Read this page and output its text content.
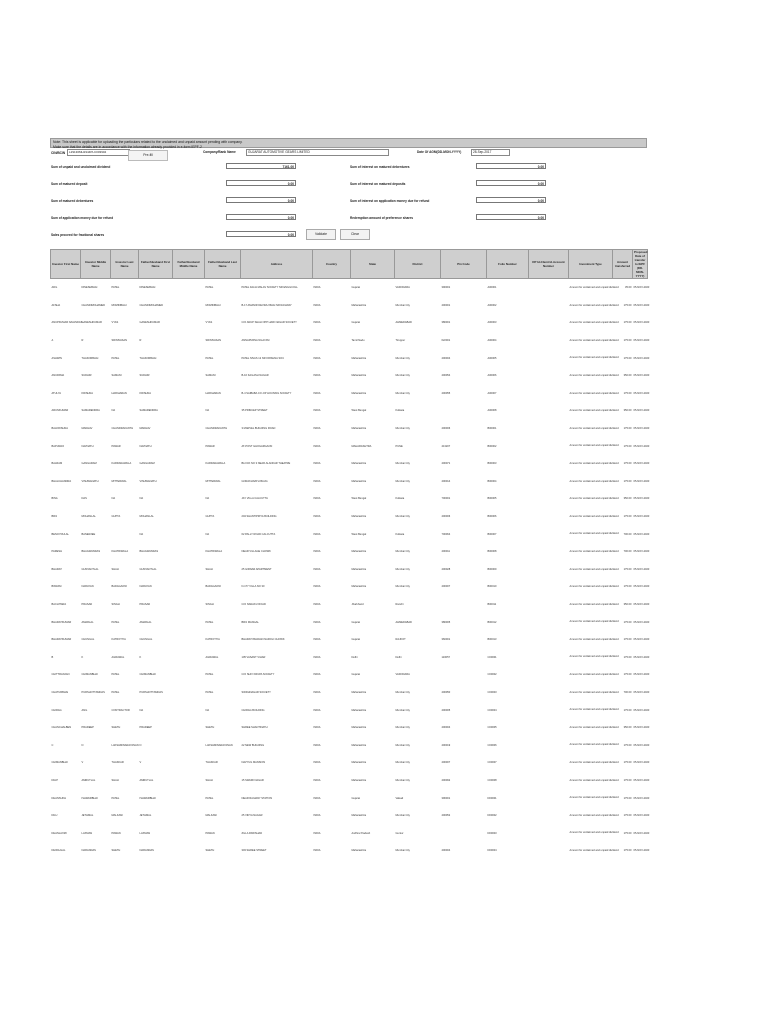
Note: This sheet is applicable for uploading the particulars related to the unclaimed and unpaid amount pending with company.
Make sure that the details are in accordance with the information already provided in e-form IEPF-2
CIN/BCIN	L29130MH1944PLC003904
Pre-fill
Company/Bank Name	GUJARAT AUTOMOTIVE GEARS LIMITED	Date Of AGM(DD-MON-YYYY)	28-Sep-2017
Sum of unpaid and unclaimed dividend	7161.00	Sum of interest on matured debentures	0.00
Sum of matured deposit	0.00	Sum of interest on matured deposits	0.00
Sum of matured debentures	0.00	Sum of interest on application money due for refund	0.00
Sum of application money due for refund	0.00	Redemption amount of preference shares	0.00
Sales proceed for fractional shares	0.00	Validate	Clear
Investor First Name	Investor Middle Name	Investor Last Name	Father/Husband First Name	Father/Husband Middle Name	Father/Husband Last Name	Address	Country	State	District	Pin Code	Folio Number	DP Id-Client Id-Account Number	Investment Type	Amount transferred	Proposed Date of transfer to IEPF (DD-MON-YYYY)
ADIL	DINESHBHAI	PATEL	DINESHBHAI		PATEL	PATEL FALIA MALAV SOCIETY NR ENGGCOLL	INDIA	Gujarat	VADODARA	390001	A00001		Amount for unclaimed and unpaid dividend	35.00	05-NOV-2023
AFSHA	CHANDIMOHAMED	MOMINBHAI	CHANDIMOHAMED		MOMINBHAI	B-17 AMANIR DEVRAJ BHAI NR RAILWAY	INDIA	Maharashtra	Mumbai City	400001	A00002		Amount for unclaimed and unpaid dividend	175.00	05-NOV-2023
ANUPKUMAR NAGINDAS	GANESHKUMAR	VYAS	GANESHKUMAR		VYAS	C/O ANUP SHAH OPP HARI NAGAR SOCIETY	INDIA	Gujarat	AHMEDABAD	380001	A00003		Amount for unclaimed and unpaid dividend	175.00	05-NOV-2023
A	R	SRINIVASAN	R		SRINIVASAN	ANNAPURNA NILAYAM	INDIA	Tamil Nadu	Tiruppur	622001	A00004		Amount for unclaimed and unpaid dividend	175.00	05-NOV-2023
ASHWIN	THAKORBHAI	PATEL	THAKORBHAI		PATEL	PATEL NIVAS 12 NR KRISHNA SOC	INDIA	Maharashtra	Mumbai City	400004	A00005		Amount for unclaimed and unpaid dividend	175.00	05-NOV-2023
ANUPAMA	SUDHIR	SAMANI	SUDHIR		SAMANI	B-16 KAILASH NAGAR	INDIA	Maharashtra	Mumbai City	400054	A00006		Amount for unclaimed and unpaid dividend	350.00	05-NOV-2023
ATULYA	KRISHNA	HARIHARAN	KRISHNA		HARIHARAN	B-4 SAIBABA CO-OP HOUSING SOCIETY	INDIA	Maharashtra	Mumbai City	400055	A00007		Amount for unclaimed and unpaid dividend	175.00	05-NOV-2023
ARUNKUMAR	SAMARENDRA	NA	SAMARENDRA		NA	35 PRINCEP STREET	INDIA	West Bengal	Kolkata		A00008		Amount for unclaimed and unpaid dividend	350.00	05-NOV-2023
BALKRISHNA	MADHAV	CHANDRAKANTH	MADHAV		CHANDRAKANTH	3 MARVEL BUILDING ROAD	INDIA	Maharashtra	Mumbai City	400006	B00001		Amount for unclaimed and unpaid dividend	175.00	05-NOV-2023
BAPURAO	NAVNATH	PAWAR	NAVNATH		PAWAR	AT-POST GHOGARGAON	INDIA	MAHARASHTRA	PUNE	413207	B00002		Amount for unclaimed and unpaid dividend	175.00	05-NOV-2023
BALRAM	GANGARAM	KARDANAWALA	GANGARAM		KARDANAWALA	BLOCK NO 3 NEAR ALANKAR THEATRE	INDIA	Maharashtra	Mumbai City	400071	B00003		Amount for unclaimed and unpaid dividend	175.00	05-NOV-2023
BHALCHANDRA	VISHWANATH	MITTERWAL	VISHWANATH		MITTERWAL	GORAKHNATH BAUG	INDIA	Maharashtra	Mumbai City	400014	B00004		Amount for unclaimed and unpaid dividend	175.00	05-NOV-2023
BINA	DAS	NA	NA		NA	JAY VILLA CALCUTTA	INDIA	West Bengal	Kolkata	700001	B00005		Amount for unclaimed and unpaid dividend	350.00	05-NOV-2023
BRIJ	MOHANLAL	GUPTA	MOHANLAL		GUPTA	204 SHANTIPRIYA BUILDING	INDIA	Maharashtra	Mumbai City	400006	B00006		Amount for unclaimed and unpaid dividend	175.00	05-NOV-2023
BENOYDULAL	BANERJEE		NA		NA	62 PALLY ROAD CALCUTTA	INDIA	West Bengal	Kolkata	700064	B00007		Amount for unclaimed and unpaid dividend	700.00	05-NOV-2023
PARESH	BHAGWANDAS	KHATRIWALA	BHAGWANDAS		KHATRIWALA	NEAR VILLAGE CHOWK	INDIA	Maharashtra	Mumbai City	400011	B00008		Amount for unclaimed and unpaid dividend	700.00	05-NOV-2023
BHARAT	GUNVANTLAL	SHAH	GUNVANTLAL		SHAH	25 GIRNAR APARTMENT	INDIA	Maharashtra	Mumbai City	400028	B00009		Amount for unclaimed and unpaid dividend	175.00	05-NOV-2023
BIKRAM	NARAYAN	BADAGAONI	NARAYAN		BADAGAONI	N-177 VILLA NO 30	INDIA	Maharashtra	Mumbai City	400007	B00010		Amount for unclaimed and unpaid dividend	175.00	05-NOV-2023
BACHITARA	PRASAD	SINGH	PRASAD		SINGH	C/O NANAKU ROAD	INDIA	Jharkhand	Ranchi		B00011		Amount for unclaimed and unpaid dividend	350.00	05-NOV-2023
BHARATKUMAR	AMARLAL	PATEL	AMARLAL		PATEL	BRIJ MANGAL	INDIA	Gujarat	AHMEDABAD	380005	B00012		Amount for unclaimed and unpaid dividend	175.00	05-NOV-2023
BHARATKUMAR	CHUNILAL	KATROTIYA	CHUNILAL		KATROTIYA	BHARATI BHAVAN NAROLI CHOWK	INDIA	Gujarat	RAJKOT	360001	B00013		Amount for unclaimed and unpaid dividend	175.00	05-NOV-2023
B	K	AGRAWAL	K		AGRAWAL	105 VASANT VIHAR	INDIA	Delhi	Delhi	110057	C00001		Amount for unclaimed and unpaid dividend	175.00	05-NOV-2023
CHITTRANJAN	CHIMANBHAI	PATEL	CHIMANBHAI		PATEL	C/O SHIV KRUPA SOCIETY	INDIA	Gujarat	VADODARA		C00002		Amount for unclaimed and unpaid dividend	175.00	05-NOV-2023
CHATURBHAI	PURSHOTTAMDAS	PATEL	PURSHOTTAMDAS		PATEL	SIDDHNAGAR SOCIETY	INDIA	Maharashtra	Mumbai City	400050	C00003		Amount for unclaimed and unpaid dividend	700.00	05-NOV-2023
CHIRAG	ANIL	CONTRACTOR	NA		NA	CHIRAG BUILDING	INDIA	Maharashtra	Mumbai City	400005	C00004		Amount for unclaimed and unpaid dividend	175.00	05-NOV-2023
CHANCHALBEN	PRADEEP	SHETH	PRADEEP		SHETH	SHREE SHANTINATH	INDIA	Maharashtra	Mumbai City	400004	C00005		Amount for unclaimed and unpaid dividend	350.00	05-NOV-2023
C	N	LAKSHMINARAYANAN	N		LAKSHMINARAYANAN	22 NEW BUILDING	INDIA	Maharashtra	Mumbai City	400019	C00006		Amount for unclaimed and unpaid dividend	175.00	05-NOV-2023
CHIMANBHAI	V	THAKKAR	V		THAKKAR	NAVYUG MANSION	INDIA	Maharashtra	Mumbai City	400007	C00007		Amount for unclaimed and unpaid dividend	175.00	05-NOV-2023
DILIP	AMRUTLAL	SHAH	AMRUTLAL		SHAH	15 SWAMI NAGAR	INDIA	Maharashtra	Mumbai City	400092	C00008		Amount for unclaimed and unpaid dividend	175.00	05-NOV-2023
DHANSUKH	ISHWARBHAI	PATEL	ISHWARBHAI		PATEL	NEAR RAILWAY STATION	INDIA	Gujarat	Valsad	396001	D00001		Amount for unclaimed and unpaid dividend	175.00	05-NOV-2023
DILU	JETHMAL	MALKANI	JETHMAL		MALKANI	25 VIDYA NAGAR	INDIA	Maharashtra	Mumbai City	400052	D00002		Amount for unclaimed and unpaid dividend	175.00	05-NOV-2023
DHANLAXMI	LAXMAN	PAWAN	LAXMAN		PAWAN	ZILLA PARISHAD	INDIA	Andhra Pradesh	Guntur		D00003		Amount for unclaimed and unpaid dividend	175.00	05-NOV-2023
DHIRAJLAL	NARANDAS	SHETH	NARANDAS		SHETH	303 SHREE STREET	INDIA	Maharashtra	Mumbai City	400004	D00004		Amount for unclaimed and unpaid dividend	175.00	05-NOV-2023
